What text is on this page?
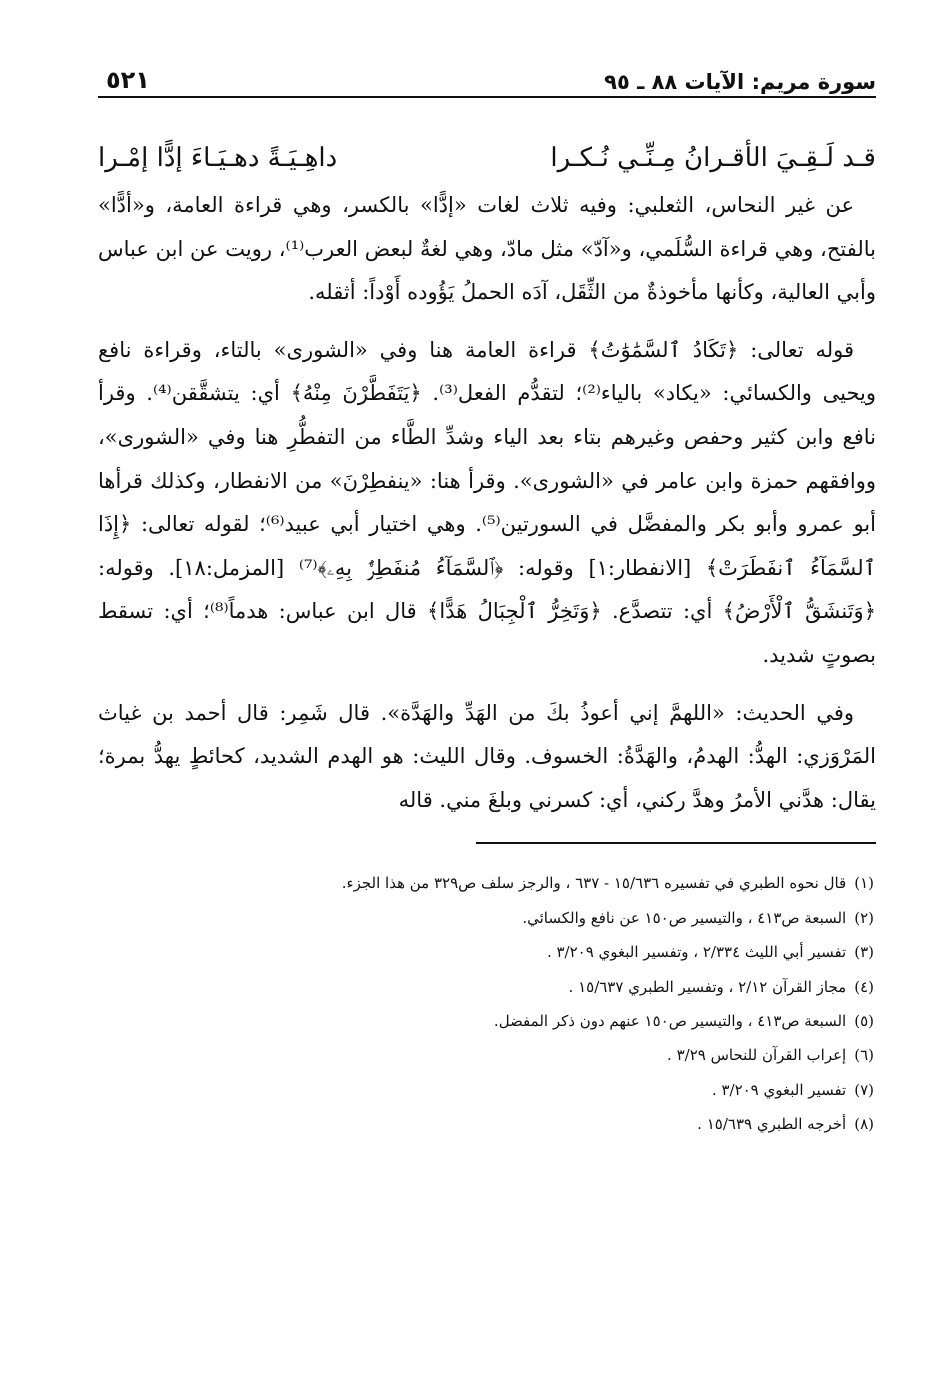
سورة مريم: الآيات ٨٨ ـ ٩٥
٥٢١
قـد لَـقِـيَ الأقـرانُ مِـنِّـي نُـكـرا
داهِـيَـةً دهـيَـاءَ إدًّا إمْـرا

عن غير النحاس، الثعلبي: وفيه ثلاث لغات «إدًّا» بالكسر، وهي قراءة العامة، و«أدًّا» بالفتح، وهي قراءة السُّلَمي، و«آدّ» مثل مادّ، وهي لغةٌ لبعض العرب⁽¹⁾، رويت عن ابن عباس وأبي العالية، وكأنها مأخوذةٌ من الثِّقَل، آدَه الحملُ يَؤُوده أَوْداً: أثقله.

قوله تعالى: ﴿تَكَادُ ٱلسَّمَٰوَٰتُ﴾ قراءة العامة هنا وفي «الشورى» بالتاء، وقراءة نافع ويحيى والكسائي: «يكاد» بالياء⁽²⁾؛ لتقدُّم الفعل⁽³⁾. ﴿يَتَفَطَّرْنَ مِنْهُ﴾ أي: يتشقَّقن⁽⁴⁾. وقرأ نافع وابن كثير وحفص وغيرهم بتاء بعد الياء وشدِّ الطَّاء من التفطُّرِ هنا وفي «الشورى»، ووافقهم حمزة وابن عامر في «الشورى». وقرأ هنا: «ينفطِرْنَ» من الانفطار، وكذلك قرأها أبو عمرو وأبو بكر والمفضَّل في السورتين⁽⁵⁾. وهي اختيار أبي عبيد⁽⁶⁾؛ لقوله تعالى: ﴿إِذَا ٱلسَّمَآءُ ٱنفَطَرَتْ﴾ [الانفطار:١] وقوله: ﴿ٱلسَّمَآءُ مُنفَطِرٌۢ بِهِۦ﴾⁽⁷⁾ [المزمل:١٨]. وقوله: ﴿وَتَنشَقُّ ٱلْأَرْضُ﴾ أي: تتصدَّع. ﴿وَتَخِرُّ ٱلْجِبَالُ هَدًّا﴾ قال ابن عباس: هدماً⁽⁸⁾؛ أي: تسقط بصوتٍ شديد.

وفي الحديث: «اللهمَّ إني أعوذُ بكَ من الهَدِّ والهَدَّة». قال شَمِر: قال أحمد بن غياث المَرْوَزي: الهدُّ: الهدمُ، والهَدَّةُ: الخسوف. وقال الليث: هو الهدم الشديد، كحائطٍ يهدُّ بمرة؛ يقال: هدَّني الأمرُ وهدَّ ركني، أي: كسرني وبلغَ مني. قاله

(١)قال نحوه الطبري في تفسيره ١٥/٦٣٦ - ٦٣٧ ، والرجز سلف ص٣٢٩ من هذا الجزء.
(٢)السبعة ص٤١٣ ، والتيسير ص١٥٠ عن نافع والكسائي.
(٣)تفسير أبي الليث ٢/٣٣٤ ، وتفسير البغوي ٣/٢٠٩ .
(٤)مجاز القرآن ٢/١٢ ، وتفسير الطبري ١٥/٦٣٧ .
(٥)السبعة ص٤١٣ ، والتيسير ص١٥٠ عنهم دون ذكر المفضل.
(٦)إعراب القرآن للنحاس ٣/٢٩ .
(٧)تفسير البغوي ٣/٢٠٩ .
(٨)أخرجه الطبري ١٥/٦٣٩ .
